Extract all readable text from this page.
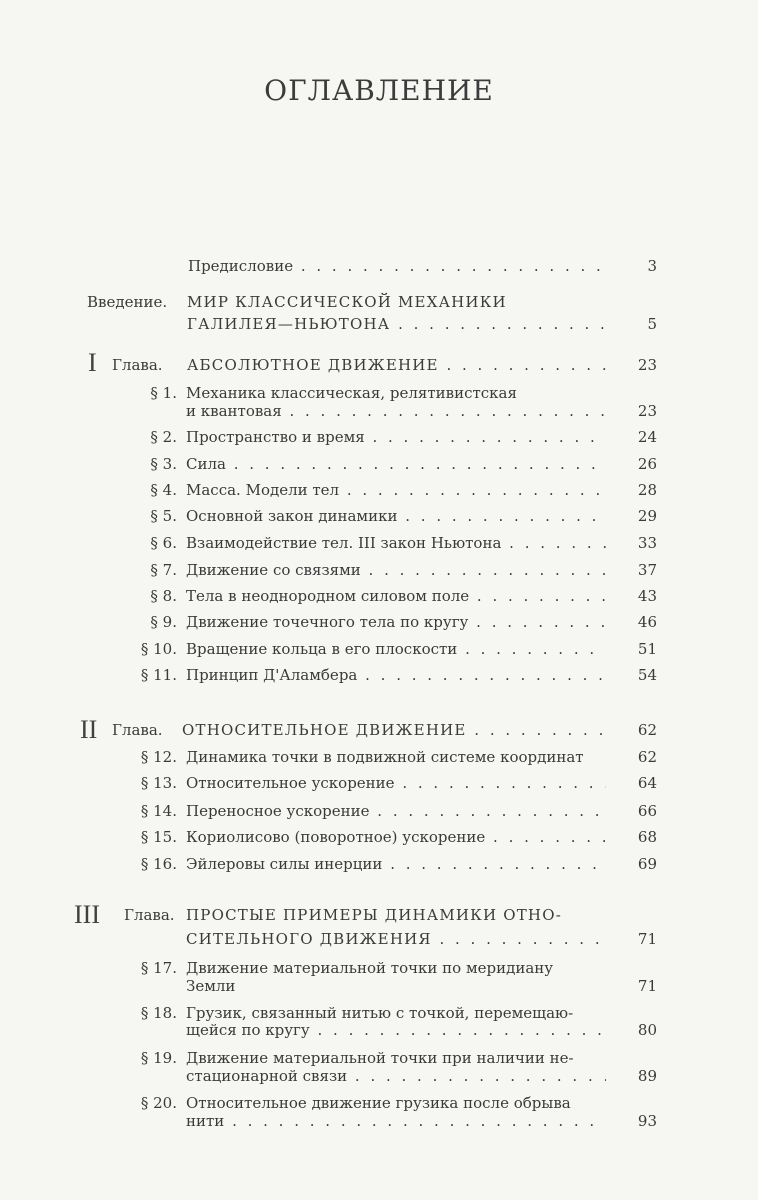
ОГЛАВЛЕНИЕ
Предисловие . . .	3
Введение. МИР КЛАССИЧЕСКОЙ МЕХАНИКИ
ГАЛИЛЕЯ—НЬЮТОНА . . .	5
I Глава. АБСОЛЮТНОЕ ДВИЖЕНИЕ . . .	23
§ 1. Механика классическая, релятивистская
и квантовая . . .	23
§ 2. Пространство и время . . .	24
§ 3. Сила . . .	26
§ 4. Масса. Модели тел . . .	28
§ 5. Основной закон динамики . . .	29
§ 6. Взаимодействие тел. III закон Ньютона . . .	33
§ 7. Движение со связями . . .	37
§ 8. Тела в неоднородном силовом поле . . .	43
§ 9. Движение точечного тела по кругу . . .	46
§ 10. Вращение кольца в его плоскости . . .	51
§ 11. Принцип Д'Аламбера . . .	54
II Глава. ОТНОСИТЕЛЬНОЕ ДВИЖЕНИЕ . . .	62
§ 12. Динамика точки в подвижной системе координат	62
§ 13. Относительное ускорение . . .	64
§ 14. Переносное ускорение . . .	66
§ 15. Кориолисово (поворотное) ускорение . . .	68
§ 16. Эйлеровы силы инерции . . .	69
III Глава. ПРОСТЫЕ ПРИМЕРЫ ДИНАМИКИ ОТНО-
СИТЕЛЬНОГО ДВИЖЕНИЯ . . .	71
§ 17. Движение материальной точки по меридиану
Земли	71
§ 18. Грузик, связанный нитью с точкой, перемещаю-
щейся по кругу . . .	80
§ 19. Движение материальной точки при наличии не-
стационарной связи . . .	89
§ 20. Относительное движение грузика после обрыва
нити . . .	93
